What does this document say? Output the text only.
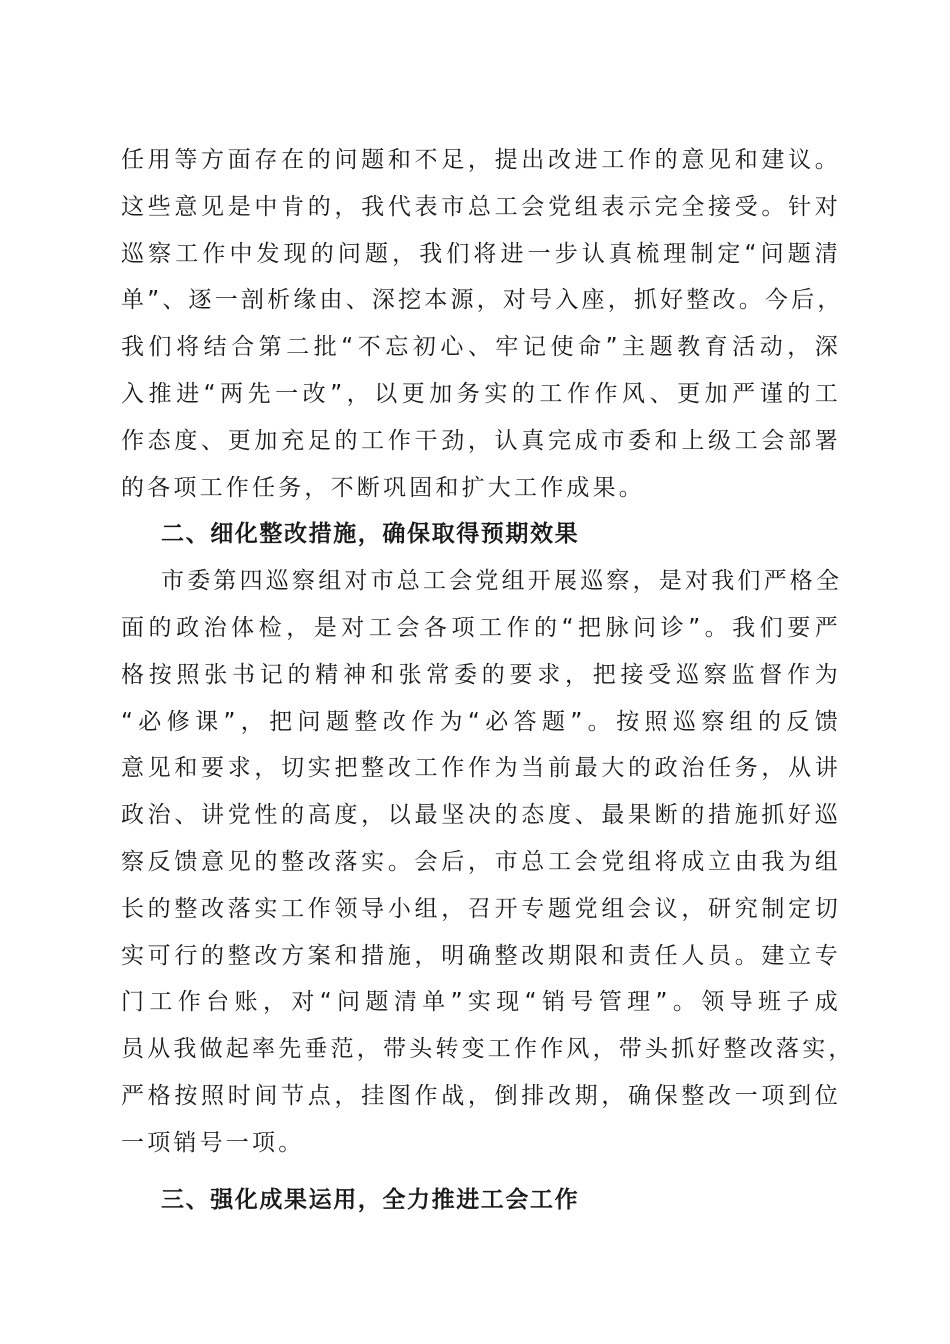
任用等方面存在的问题和不足，提出改进工作的意见和建议。
这些意见是中肯的，我代表市总工会党组表示完全接受。针对
巡察工作中发现的问题，我们将进一步认真梳理制定“问题清
单”、逐一剖析缘由、深挖本源，对号入座，抓好整改。今后，
我们将结合第二批“不忘初心、牢记使命”主题教育活动，深
入推进“两先一改”，以更加务实的工作作风、更加严谨的工
作态度、更加充足的工作干劲，认真完成市委和上级工会部署
的各项工作任务，不断巩固和扩大工作成果。
二、细化整改措施，确保取得预期效果
市委第四巡察组对市总工会党组开展巡察，是对我们严格全
面的政治体检，是对工会各项工作的“把脉问诊”。我们要严
格按照张书记的精神和张常委的要求，把接受巡察监督作为
“必修课”，把问题整改作为“必答题”。按照巡察组的反馈
意见和要求，切实把整改工作作为当前最大的政治任务，从讲
政治、讲党性的高度，以最坚决的态度、最果断的措施抓好巡
察反馈意见的整改落实。会后，市总工会党组将成立由我为组
长的整改落实工作领导小组，召开专题党组会议，研究制定切
实可行的整改方案和措施，明确整改期限和责任人员。建立专
门工作台账，对“问题清单”实现“销号管理”。领导班子成
员从我做起率先垂范，带头转变工作作风，带头抓好整改落实，
严格按照时间节点，挂图作战，倒排改期，确保整改一项到位
一项销号一项。
三、强化成果运用，全力推进工会工作
